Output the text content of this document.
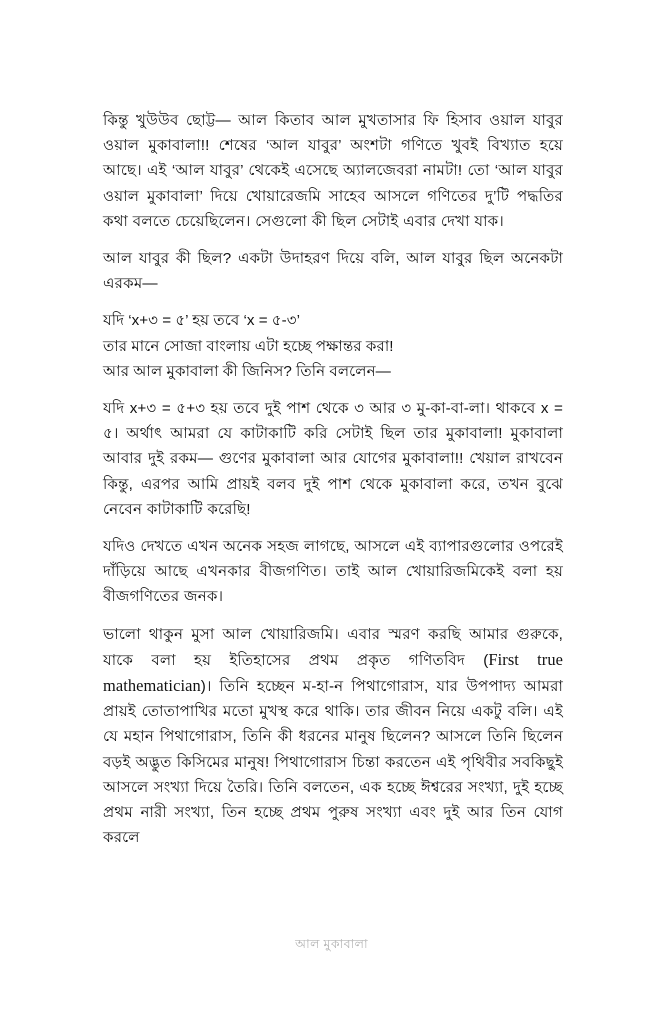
কিন্তু খুউউব ছোট্ট— আল কিতাব আল মুখতাসার ফি হিসাব ওয়াল যাবুর ওয়াল মুকাবালা!! শেষের ‘আল যাবুর’ অংশটা গণিতে খুবই বিখ্যাত হয়ে আছে। এই ‘আল যাবুর’ থেকেই এসেছে অ্যালজেবরা নামটা! তো ‘আল যাবুর ওয়াল মুকাবালা’ দিয়ে খোয়ারেজমি সাহেব আসলে গণিতের দু’টি পদ্ধতির কথা বলতে চেয়েছিলেন। সেগুলো কী ছিল সেটাই এবার দেখা যাক।

আল যাবুর কী ছিল? একটা উদাহরণ দিয়ে বলি, আল যাবুর ছিল অনেকটা এরকম—

যদি ‘x+৩ = ৫’ হয় তবে ‘x = ৫-৩’
তার মানে সোজা বাংলায় এটা হচ্ছে পক্ষান্তর করা!
আর আল মুকাবালা কী জিনিস? তিনি বললেন—

যদি x+৩ = ৫+৩ হয় তবে দুই পাশ থেকে ৩ আর ৩ মু-কা-বা-লা। থাকবে x = ৫। অর্থাৎ আমরা যে কাটাকাটি করি সেটাই ছিল তার মুকাবালা! মুকাবালা আবার দুই রকম— গুণের মুকাবালা আর যোগের মুকাবালা!! খেয়াল রাখবেন কিন্তু, এরপর আমি প্রায়ই বলব দুই পাশ থেকে মুকাবালা করে, তখন বুঝে নেবেন কাটাকাটি করেছি!

যদিও দেখতে এখন অনেক সহজ লাগছে, আসলে এই ব্যাপারগুলোর ওপরেই দাঁড়িয়ে আছে এখনকার বীজগণিত। তাই আল খোয়ারিজমিকেই বলা হয় বীজগণিতের জনক।

ভালো থাকুন মুসা আল খোয়ারিজমি। এবার স্মরণ করছি আমার গুরুকে, যাকে বলা হয় ইতিহাসের প্রথম প্রকৃত গণিতবিদ (First true mathematician)। তিনি হচ্ছেন ম-হা-ন পিথাগোরাস, যার উপপাদ্য আমরা প্রায়ই তোতাপাখির মতো মুখস্থ করে থাকি। তার জীবন নিয়ে একটু বলি। এই যে মহান পিথাগোরাস, তিনি কী ধরনের মানুষ ছিলেন? আসলে তিনি ছিলেন বড়ই অদ্ভুত কিসিমের মানুষ! পিথাগোরাস চিন্তা করতেন এই পৃথিবীর সবকিছুই আসলে সংখ্যা দিয়ে তৈরি। তিনি বলতেন, এক হচ্ছে ঈশ্বরের সংখ্যা, দুই হচ্ছে প্রথম নারী সংখ্যা, তিন হচ্ছে প্রথম পুরুষ সংখ্যা এবং দুই আর তিন যোগ করলে

আল মুকাবালা
